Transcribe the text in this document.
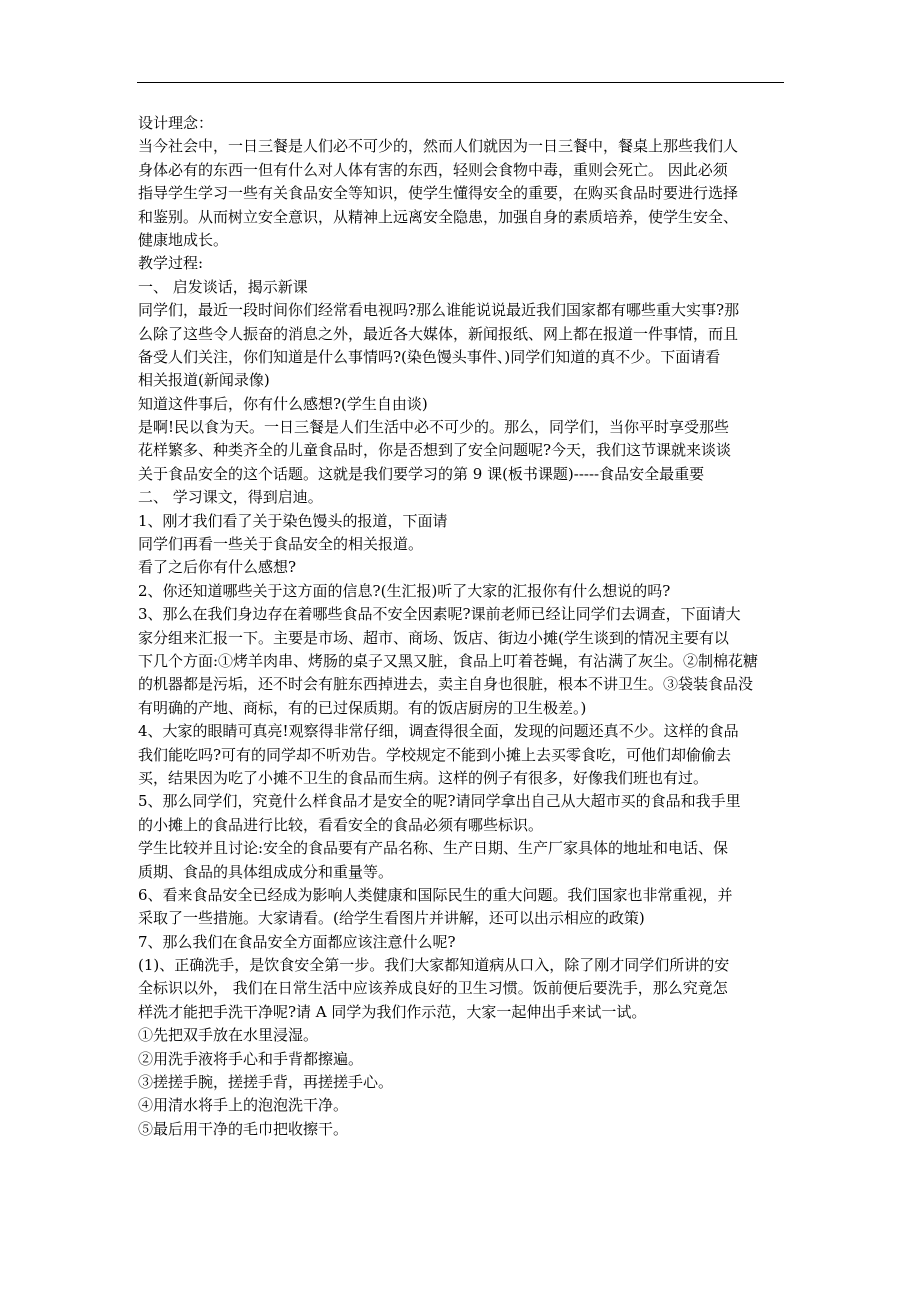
设计理念：
当今社会中，一日三餐是人们必不可少的，然而人们就因为一日三餐中，餐桌上那些我们人
身体必有的东西一但有什么对人体有害的东西，轻则会食物中毒，重则会死亡。 因此必须
指导学生学习一些有关食品安全等知识，使学生懂得安全的重要，在购买食品时要进行选择
和鉴别。从而树立安全意识，从精神上远离安全隐患，加强自身的素质培养，使学生安全、
健康地成长。
教学过程:
一、 启发谈话，揭示新课
同学们，最近一段时间你们经常看电视吗?那么谁能说说最近我们国家都有哪些重大实事?那
么除了这些令人振奋的消息之外，最近各大媒体，新闻报纸、网上都在报道一件事情，而且
备受人们关注，你们知道是什么事情吗?(染色馒头事件、)同学们知道的真不少。下面请看
相关报道(新闻录像)
知道这件事后，你有什么感想?(学生自由谈)
是啊!民以食为天。一日三餐是人们生活中必不可少的。那么，同学们，当你平时享受那些
花样繁多、种类齐全的儿童食品时，你是否想到了安全问题呢?今天，我们这节课就来谈谈
关于食品安全的这个话题。这就是我们要学习的第 9 课(板书课题)-----食品安全最重要
二、 学习课文，得到启迪。
1、刚才我们看了关于染色馒头的报道，下面请
同学们再看一些关于食品安全的相关报道。
看了之后你有什么感想?
2、你还知道哪些关于这方面的信息?(生汇报)听了大家的汇报你有什么想说的吗?
3、那么在我们身边存在着哪些食品不安全因素呢?课前老师已经让同学们去调查，下面请大
家分组来汇报一下。主要是市场、超市、商场、饭店、街边小摊(学生谈到的情况主要有以
下几个方面:①烤羊肉串、烤肠的桌子又黑又脏，食品上叮着苍蝇，有沾满了灰尘。②制棉花糖
的机器都是污垢，还不时会有脏东西掉进去，卖主自身也很脏，根本不讲卫生。③袋装食品没
有明确的产地、商标，有的已过保质期。有的饭店厨房的卫生极差。)
4、大家的眼睛可真亮!观察得非常仔细，调查得很全面，发现的问题还真不少。这样的食品
我们能吃吗?可有的同学却不听劝告。学校规定不能到小摊上去买零食吃，可他们却偷偷去
买，结果因为吃了小摊不卫生的食品而生病。这样的例子有很多，好像我们班也有过。
5、那么同学们，究竟什么样食品才是安全的呢?请同学拿出自己从大超市买的食品和我手里
的小摊上的食品进行比较，看看安全的食品必须有哪些标识。
学生比较并且讨论:安全的食品要有产品名称、生产日期、生产厂家具体的地址和电话、保
质期、食品的具体组成成分和重量等。
6、看来食品安全已经成为影响人类健康和国际民生的重大问题。我们国家也非常重视，并
采取了一些措施。大家请看。(给学生看图片并讲解，还可以出示相应的政策)
7、那么我们在食品安全方面都应该注意什么呢?
(1)、正确洗手，是饮食安全第一步。我们大家都知道病从口入，除了刚才同学们所讲的安
全标识以外， 我们在日常生活中应该养成良好的卫生习惯。饭前便后要洗手，那么究竟怎
样洗才能把手洗干净呢?请 A 同学为我们作示范，大家一起伸出手来试一试。
①先把双手放在水里浸湿。
②用洗手液将手心和手背都擦遍。
③搓搓手腕，搓搓手背，再搓搓手心。
④用清水将手上的泡泡洗干净。
⑤最后用干净的毛巾把收擦干。
